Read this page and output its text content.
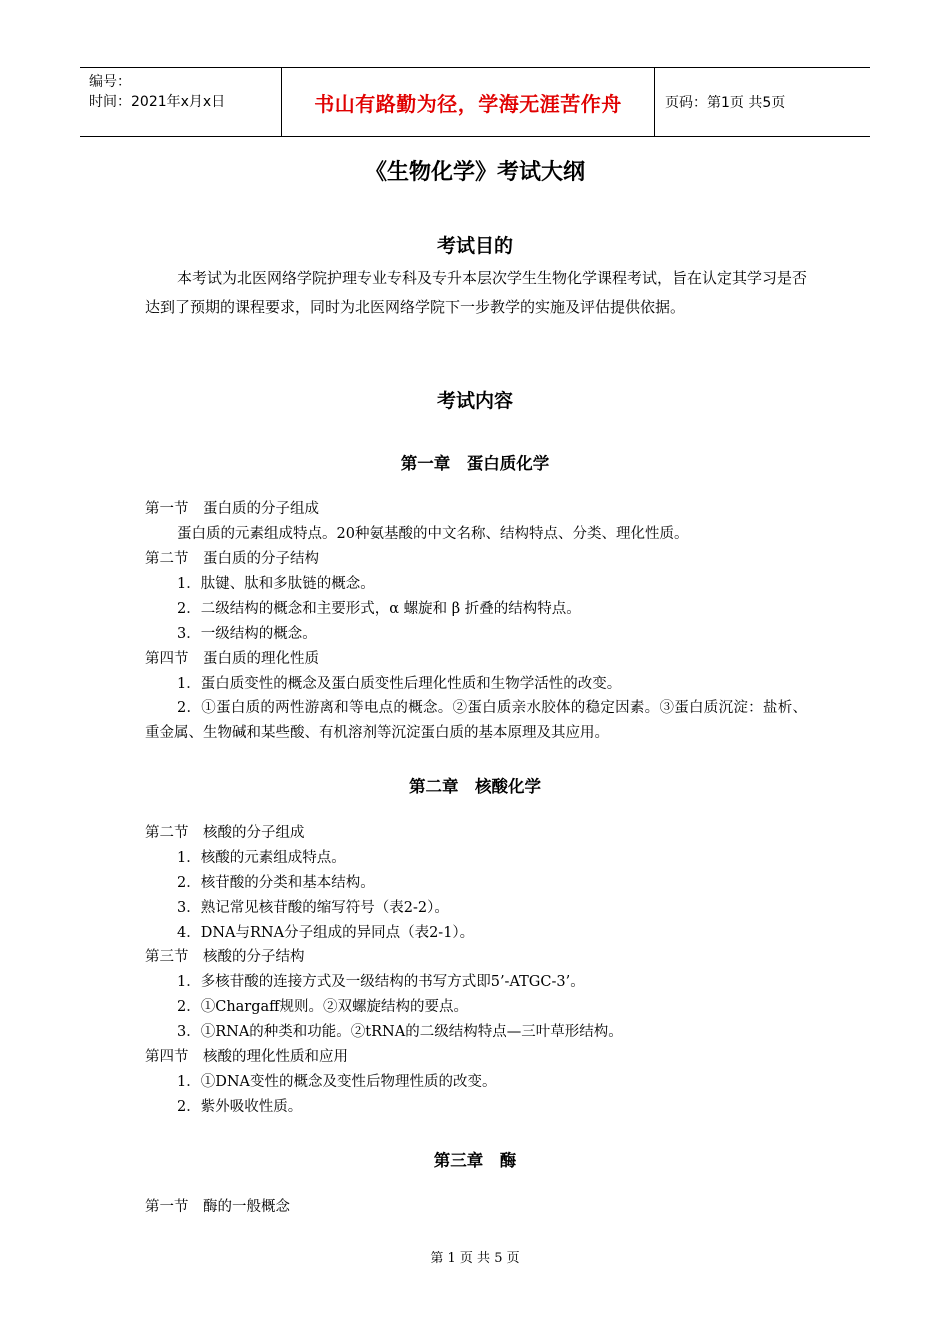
编号：
时间：2021年x月x日	书山有路勤为径，学海无涯苦作舟	页码：第1页 共5页
《生物化学》考试大纲
考试目的
本考试为北医网络学院护理专业专科及专升本层次学生生物化学课程考试，旨在认定其学习是否达到了预期的课程要求，同时为北医网络学院下一步教学的实施及评估提供依据。
考试内容
第一章　蛋白质化学
第一节　蛋白质的分子组成
蛋白质的元素组成特点。20种氨基酸的中文名称、结构特点、分类、理化性质。
第二节　蛋白质的分子结构
1．肽键、肽和多肽链的概念。
2．二级结构的概念和主要形式，α 螺旋和 β 折叠的结构特点。
3．一级结构的概念。
第四节　蛋白质的理化性质
1．蛋白质变性的概念及蛋白质变性后理化性质和生物学活性的改变。
2．①蛋白质的两性游离和等电点的概念。②蛋白质亲水胶体的稳定因素。③蛋白质沉淀：盐析、重金属、生物碱和某些酸、有机溶剂等沉淀蛋白质的基本原理及其应用。
第二章　核酸化学
第二节　核酸的分子组成
1．核酸的元素组成特点。
2．核苷酸的分类和基本结构。
3．熟记常见核苷酸的缩写符号（表2-2）。
4．DNA与RNA分子组成的异同点（表2-1）。
第三节　核酸的分子结构
1．多核苷酸的连接方式及一级结构的书写方式即5’-ATGC-3’。
2．①Chargaff规则。②双螺旋结构的要点。
3．①RNA的种类和功能。②tRNA的二级结构特点—三叶草形结构。
第四节　核酸的理化性质和应用
1．①DNA变性的概念及变性后物理性质的改变。
2．紫外吸收性质。
第三章　酶
第一节　酶的一般概念
第 1 页 共 5 页
